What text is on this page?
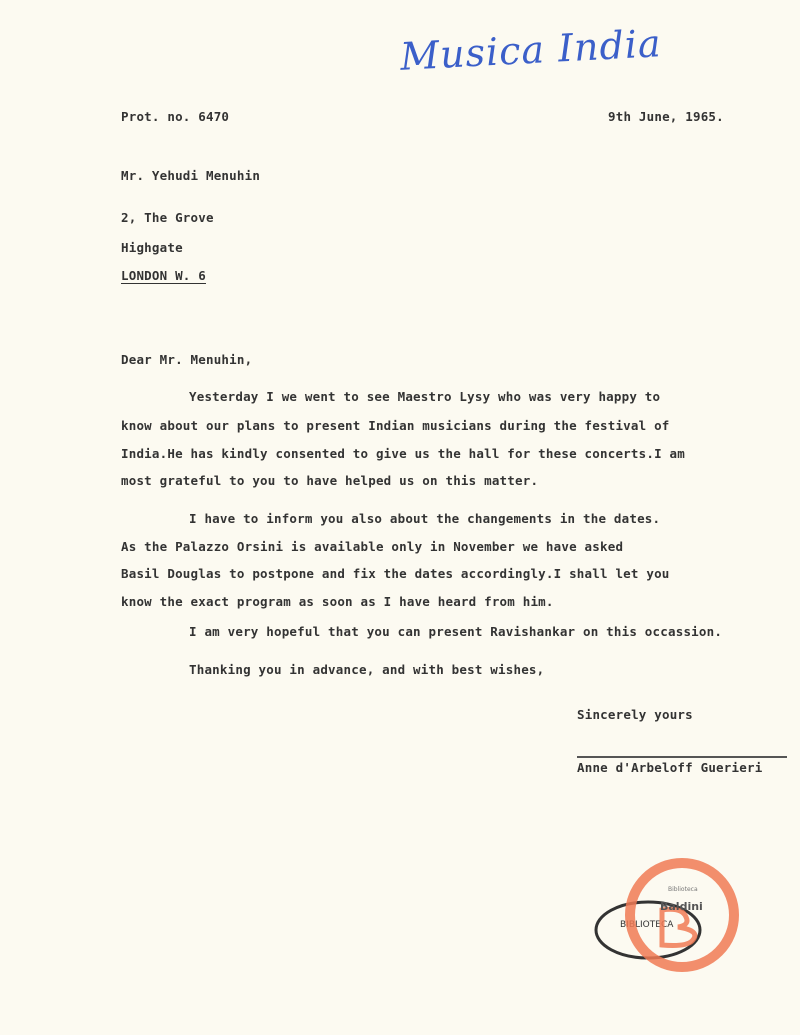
Musica India
Prot. no. 6470	9th June, 1965.
Mr. Yehudi Menuhin
2, The Grove
Highgate
LONDON W. 6
Dear Mr. Menuhin,
Yesterday I we went to see Maestro Lysy who was very happy to
know about our plans to present Indian musicians during the festival of
India.He has kindly consented to give us the hall for these concerts.I am
most grateful to you to have helped us on this matter.
I have to inform you also about the changements in the dates.
As the Palazzo Orsini is available only in November we have asked
Basil Douglas to postpone and fix the dates accordingly.I shall let you
know the exact program as soon as I have heard from him.
I am very hopeful that you can present Ravishankar on this occassion.
Thanking you in advance, and with best wishes,
Sincerely yours
Anne d'Arbeloff Guerieri
BIBLIOTECA
Baldini
Biblioteca
